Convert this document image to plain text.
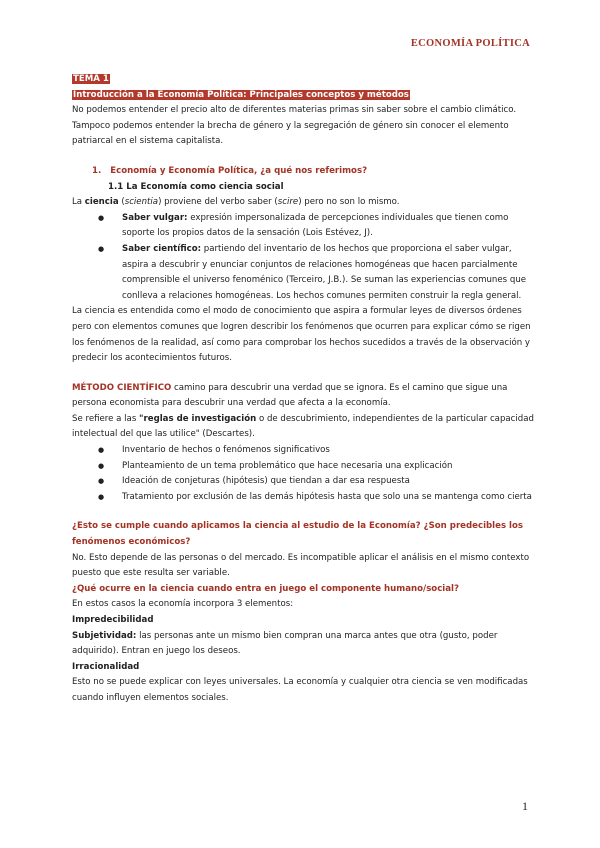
ECONOMÍA POLÍTICA

TEMA 1

Introducción a la Economía Política: Principales conceptos y métodos

No podemos entender el precio alto de diferentes materias primas sin saber sobre el cambio climático. Tampoco podemos entender la brecha de género y la segregación de género sin conocer el elemento patriarcal en el sistema capitalista.

1. Economía y Economía Política, ¿a qué nos referimos?

1.1 La Economía como ciencia social

La ciencia (scientia) proviene del verbo saber (scire) pero no son lo mismo.

● Saber vulgar: expresión impersonalizada de percepciones individuales que tienen como soporte los propios datos de la sensación (Lois Estévez, J).
● Saber científico: partiendo del inventario de los hechos que proporciona el saber vulgar, aspira a descubrir y enunciar conjuntos de relaciones homogéneas que hacen parcialmente comprensible el universo fenoménico (Terceiro, J.B.). Se suman las experiencias comunes que conlleva a relaciones homogéneas. Los hechos comunes permiten construir la regla general.

La ciencia es entendida como el modo de conocimiento que aspira a formular leyes de diversos órdenes pero con elementos comunes que logren describir los fenómenos que ocurren para explicar cómo se rigen los fenómenos de la realidad, así como para comprobar los hechos sucedidos a través de la observación y predecir los acontecimientos futuros.

MÉTODO CIENTÍFICO camino para descubrir una verdad que se ignora. Es el camino que sigue una persona economista para descubrir una verdad que afecta a la economía.

Se refiere a las "reglas de investigación o de descubrimiento, independientes de la particular capacidad intelectual del que las utilice" (Descartes).

● Inventario de hechos o fenómenos significativos
● Planteamiento de un tema problemático que hace necesaria una explicación
● Ideación de conjeturas (hipótesis) que tiendan a dar esa respuesta
● Tratamiento por exclusión de las demás hipótesis hasta que solo una se mantenga como cierta

¿Esto se cumple cuando aplicamos la ciencia al estudio de la Economía? ¿Son predecibles los fenómenos económicos?

No. Esto depende de las personas o del mercado. Es incompatible aplicar el análisis en el mismo contexto puesto que este resulta ser variable.

¿Qué ocurre en la ciencia cuando entra en juego el componente humano/social?

En estos casos la economía incorpora 3 elementos:

Impredecibilidad

Subjetividad: las personas ante un mismo bien compran una marca antes que otra (gusto, poder adquirido). Entran en juego los deseos.

Irracionalidad

Esto no se puede explicar con leyes universales. La economía y cualquier otra ciencia se ven modificadas cuando influyen elementos sociales.

1
